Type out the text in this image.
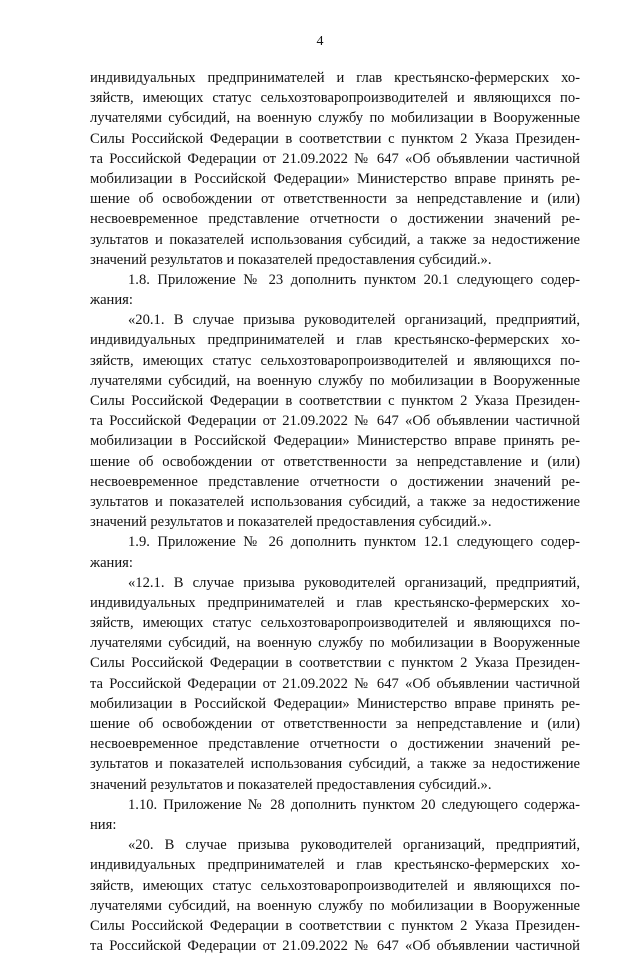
4
индивидуальных предпринимателей и глав крестьянско-фермерских хо-
зяйств, имеющих статус сельхозтоваропроизводителей и являющихся по-
лучателями субсидий, на военную службу по мобилизации в Вооруженные
Силы Российской Федерации в соответствии с пунктом 2 Указа Президен-
та Российской Федерации от 21.09.2022 № 647 «Об объявлении частичной
мобилизации в Российской Федерации» Министерство вправе принять ре-
шение об освобождении от ответственности за непредставление и (или)
несвоевременное представление отчетности о достижении значений ре-
зультатов и показателей использования субсидий, а также за недостижение
значений результатов и показателей предоставления субсидий.».
1.8. Приложение № 23 дополнить пунктом 20.1 следующего содер-
жания:
«20.1. В случае призыва руководителей организаций, предприятий,
индивидуальных предпринимателей и глав крестьянско-фермерских хо-
зяйств, имеющих статус сельхозтоваропроизводителей и являющихся по-
лучателями субсидий, на военную службу по мобилизации в Вооруженные
Силы Российской Федерации в соответствии с пунктом 2 Указа Президен-
та Российской Федерации от 21.09.2022 № 647 «Об объявлении частичной
мобилизации в Российской Федерации» Министерство вправе принять ре-
шение об освобождении от ответственности за непредставление и (или)
несвоевременное представление отчетности о достижении значений ре-
зультатов и показателей использования субсидий, а также за недостижение
значений результатов и показателей предоставления субсидий.».
1.9. Приложение № 26 дополнить пунктом 12.1 следующего содер-
жания:
«12.1. В случае призыва руководителей организаций, предприятий,
индивидуальных предпринимателей и глав крестьянско-фермерских хо-
зяйств, имеющих статус сельхозтоваропроизводителей и являющихся по-
лучателями субсидий, на военную службу по мобилизации в Вооруженные
Силы Российской Федерации в соответствии с пунктом 2 Указа Президен-
та Российской Федерации от 21.09.2022 № 647 «Об объявлении частичной
мобилизации в Российской Федерации» Министерство вправе принять ре-
шение об освобождении от ответственности за непредставление и (или)
несвоевременное представление отчетности о достижении значений ре-
зультатов и показателей использования субсидий, а также за недостижение
значений результатов и показателей предоставления субсидий.».
1.10. Приложение № 28 дополнить пунктом 20 следующего содержа-
ния:
«20. В случае призыва руководителей организаций, предприятий,
индивидуальных предпринимателей и глав крестьянско-фермерских хо-
зяйств, имеющих статус сельхозтоваропроизводителей и являющихся по-
лучателями субсидий, на военную службу по мобилизации в Вооруженные
Силы Российской Федерации в соответствии с пунктом 2 Указа Президен-
та Российской Федерации от 21.09.2022 № 647 «Об объявлении частичной
